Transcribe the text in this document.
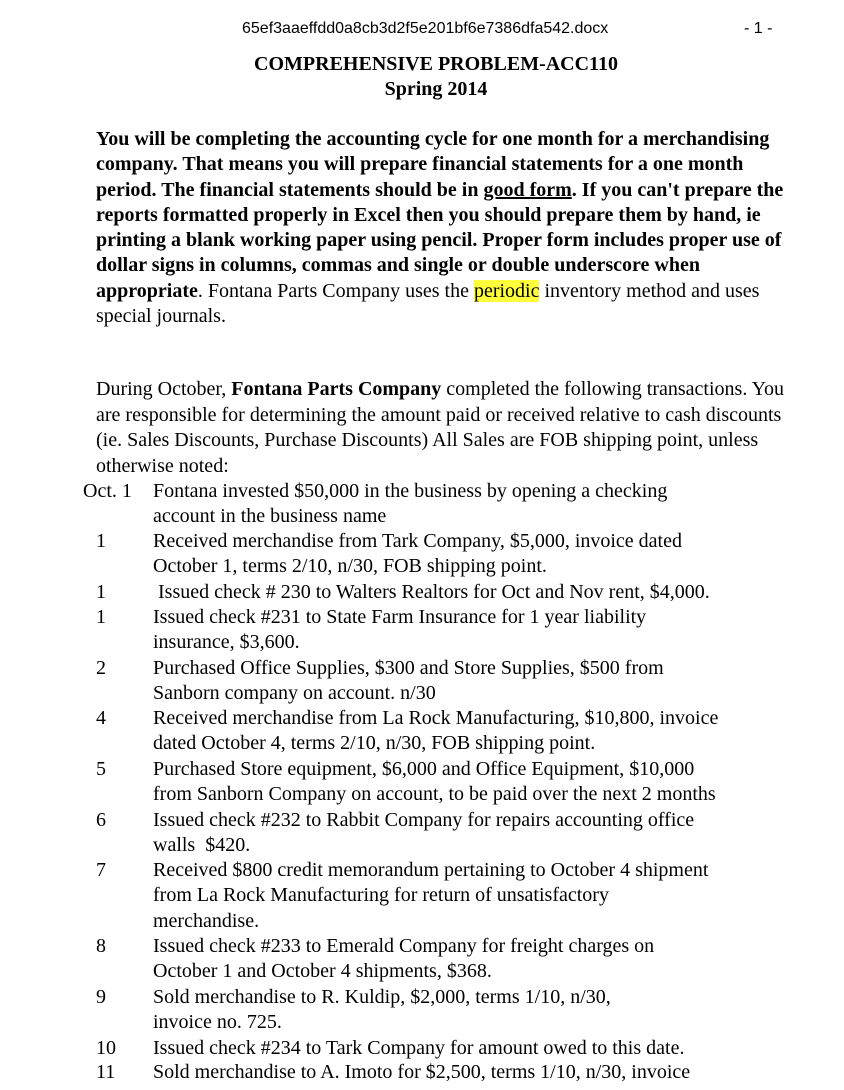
65ef3aaeffdd0a8cb3d2f5e201bf6e7386dfa542.docx	- 1 -
COMPREHENSIVE PROBLEM-ACC110
Spring 2014
You will be completing the accounting cycle for one month for a merchandising company. That means you will prepare financial statements for a one month period. The financial statements should be in good form. If you can't prepare the reports formatted properly in Excel then you should prepare them by hand, ie printing a blank working paper using pencil. Proper form includes proper use of dollar signs in columns, commas and single or double underscore when appropriate. Fontana Parts Company uses the periodic inventory method and uses special journals.
During October, Fontana Parts Company completed the following transactions. You are responsible for determining the amount paid or received relative to cash discounts (ie. Sales Discounts, Purchase Discounts) All Sales are FOB shipping point, unless otherwise noted:
Oct. 1	Fontana invested $50,000 in the business by opening a checking
account in the business name
1	Received merchandise from Tark Company, $5,000, invoice dated
October 1, terms 2/10, n/30, FOB shipping point.
1	Issued check # 230 to Walters Realtors for Oct and Nov rent, $4,000.
1	Issued check #231 to State Farm Insurance for 1 year liability
insurance, $3,600.
2	Purchased Office Supplies, $300 and Store Supplies, $500 from
Sanborn company on account. n/30
4	Received merchandise from La Rock Manufacturing, $10,800, invoice
dated October 4, terms 2/10, n/30, FOB shipping point.
5	Purchased Store equipment, $6,000 and Office Equipment, $10,000
from Sanborn Company on account, to be paid over the next 2 months
6	Issued check #232 to Rabbit Company for repairs accounting office
walls  $420.
7	Received $800 credit memorandum pertaining to October 4 shipment
from La Rock Manufacturing for return of unsatisfactory
merchandise.
8	Issued check #233 to Emerald Company for freight charges on
October 1 and October 4 shipments, $368.
9	Sold merchandise to R. Kuldip, $2,000, terms 1/10, n/30,
invoice no. 725.
10	Issued check #234 to Tark Company for amount owed to this date.
11	Sold merchandise to A. Imoto for $2,500, terms 1/10, n/30, invoice
